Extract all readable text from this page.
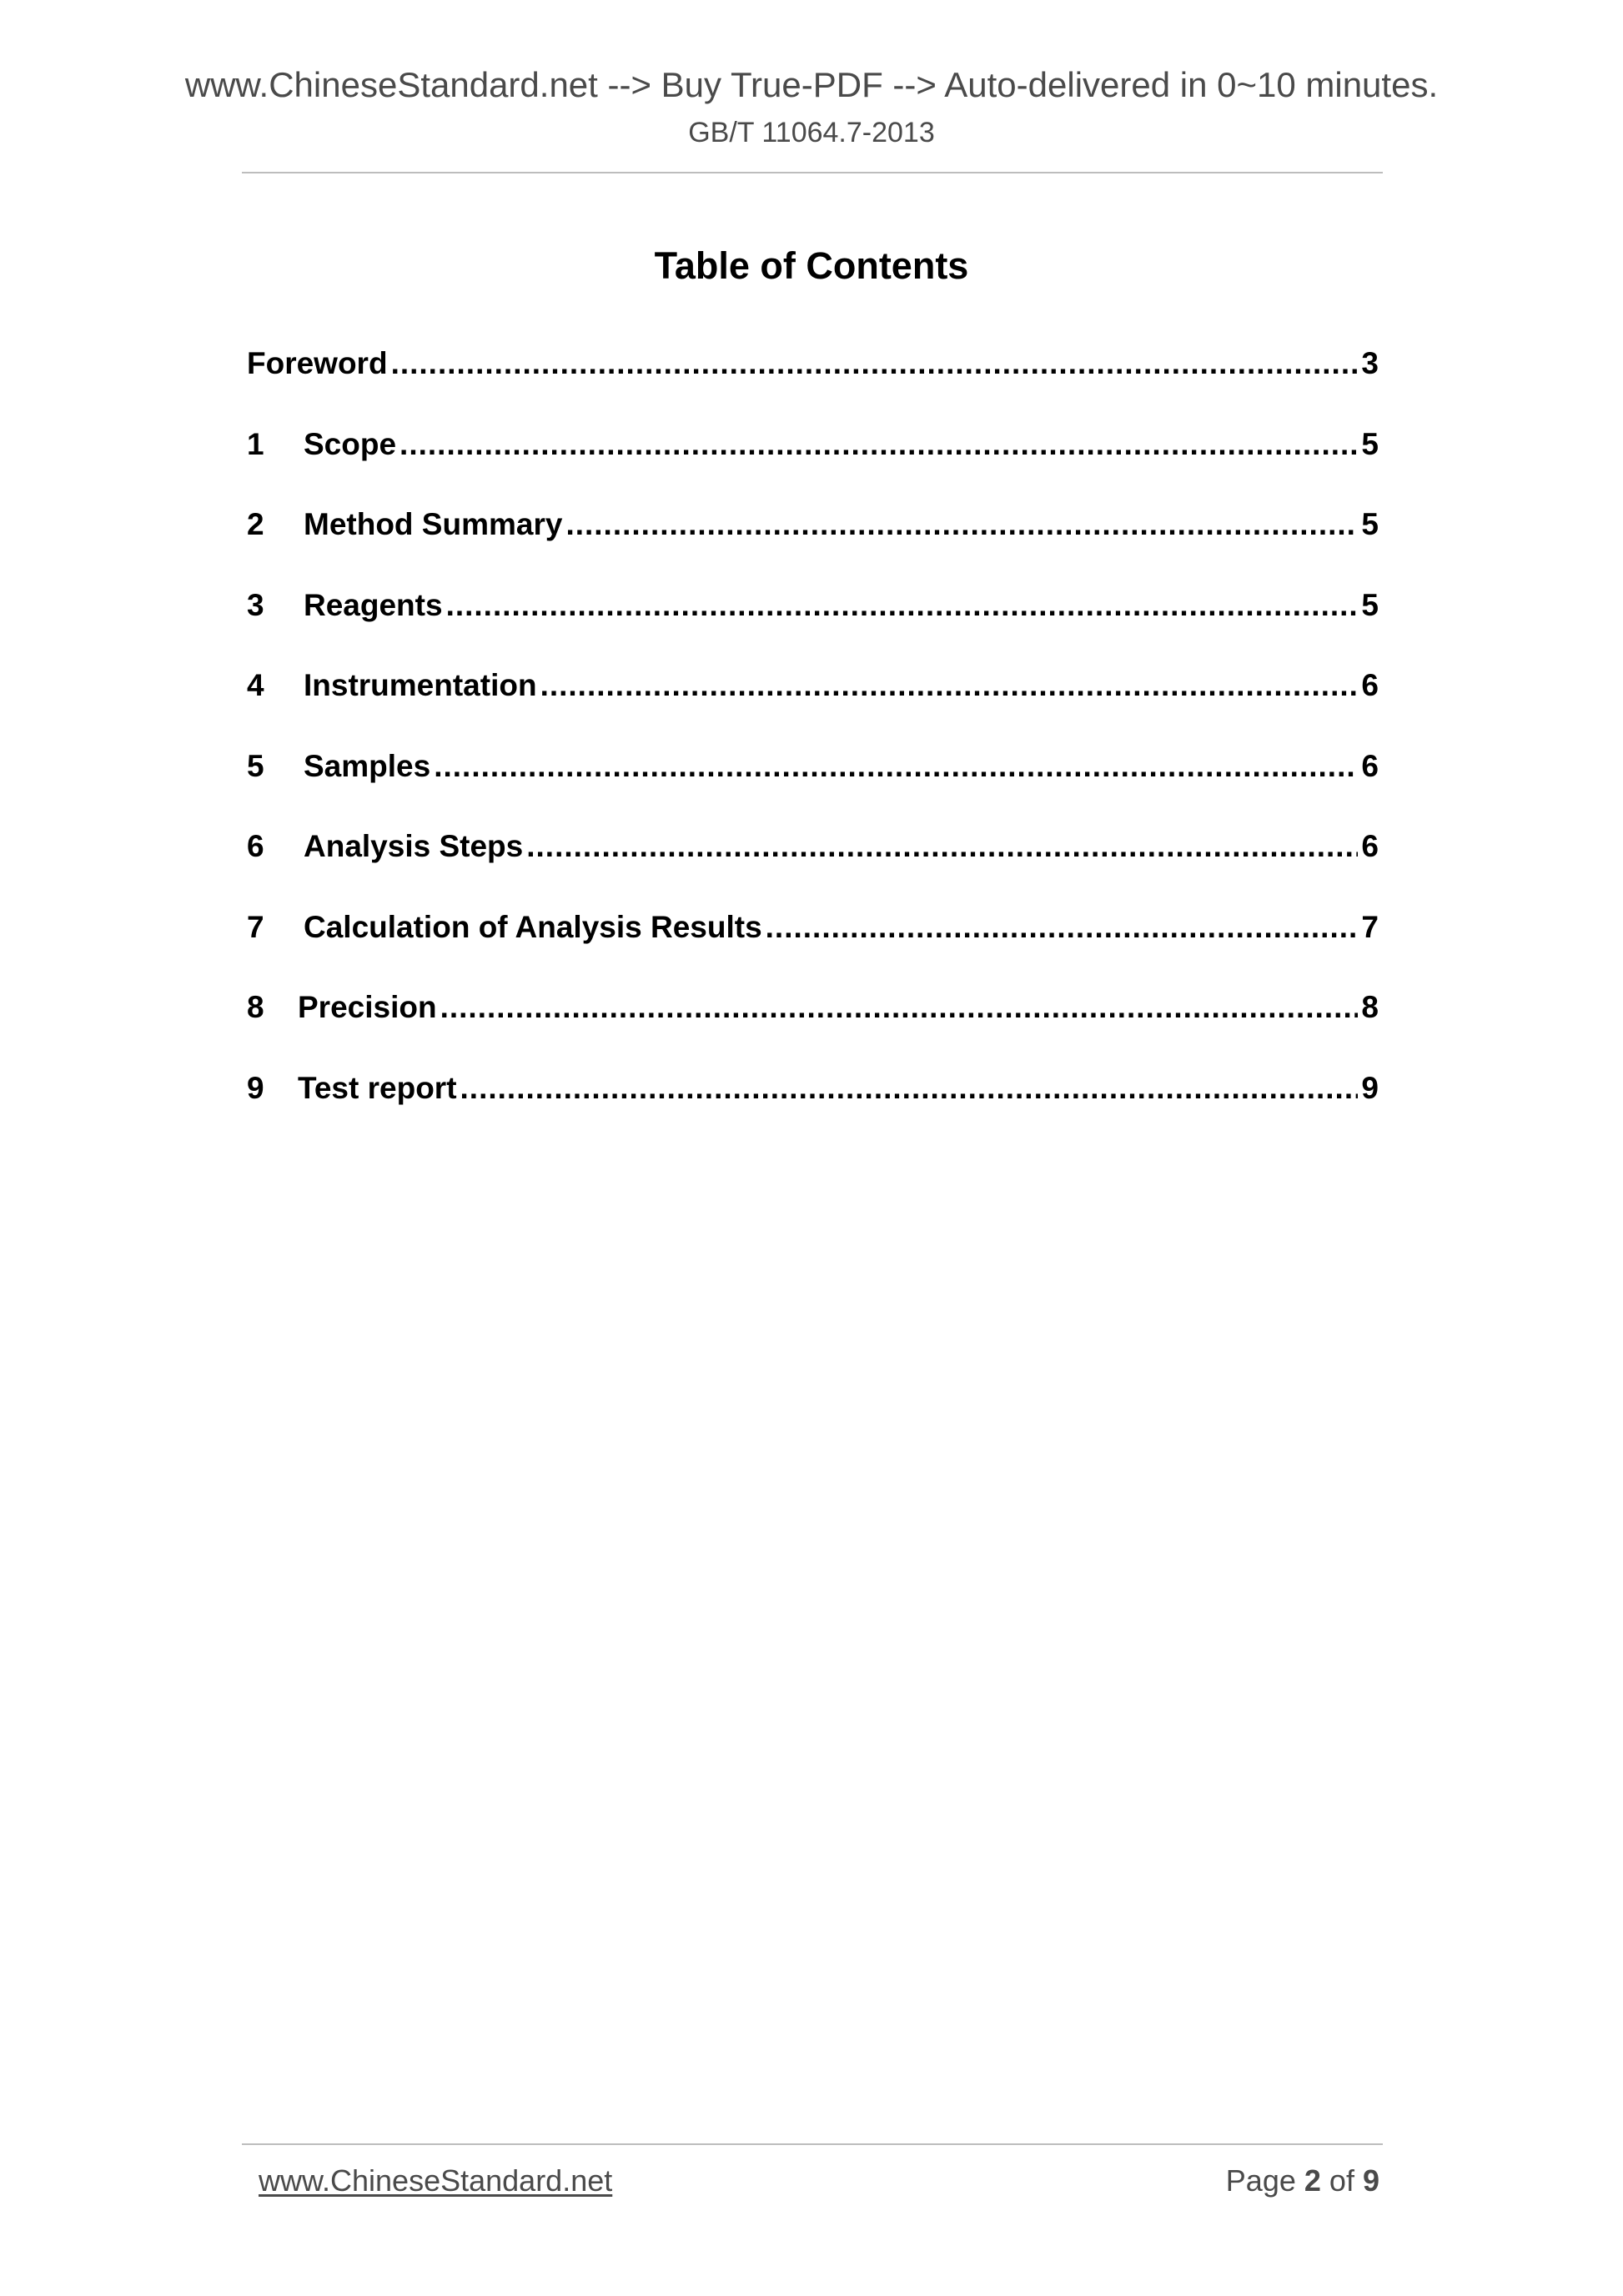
www.ChineseStandard.net --> Buy True-PDF --> Auto-delivered in 0~10 minutes.
GB/T 11064.7-2013
Table of Contents
Foreword .....	3
1	Scope .....	5
2	Method Summary .....	5
3	Reagents .....	5
4	Instrumentation .....	6
5	Samples .....	6
6	Analysis Steps .....	6
7	Calculation of Analysis Results .....	7
8	Precision .....	8
9	Test report .....	9
www.ChineseStandard.net	Page 2 of 9
